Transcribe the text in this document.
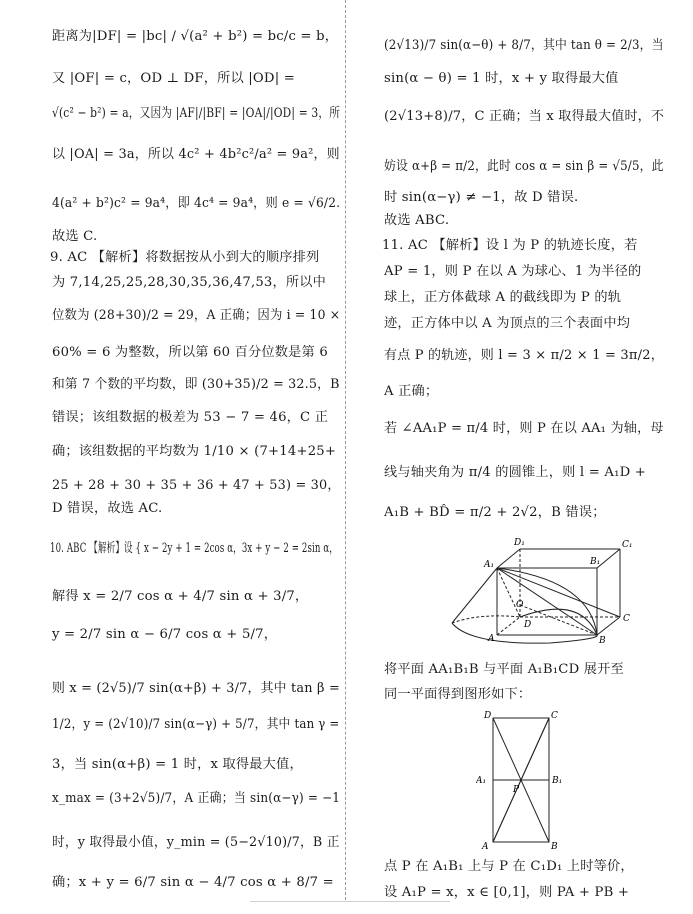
距离为|DF| = |bc| / √(a² + b²) = bc/c = b，
又 |OF| = c，OD ⊥ DF，所以 |OD| =
√(c² − b²) = a，又因为 |AF|/|BF| = |OA|/|OD| = 3，所
以 |OA| = 3a，所以 4c² + 4b²c²/a² = 9a²，则
4(a² + b²)c² = 9a⁴，即 4c⁴ = 9a⁴，则 e = √6/2.
故选 C.
9. AC 【解析】将数据按从小到大的顺序排列
为 7,14,25,25,28,30,35,36,47,53，所以中
位数为 (28+30)/2 = 29，A 正确；因为 i = 10 ×
60% = 6 为整数，所以第 60 百分位数是第 6
和第 7 个数的平均数，即 (30+35)/2 = 32.5，B
错误；该组数据的极差为 53 − 7 = 46，C 正
确；该组数据的平均数为 1/10 × (7+14+25+
25 + 28 + 30 + 35 + 36 + 47 + 53) = 30，
D 错误，故选 AC.
10. ABC 【解析】设 { x − 2y + 1 = 2cos α，3x + y − 2 = 2sin α，
解得 x = 2/7 cos α + 4/7 sin α + 3/7，
y = 2/7 sin α − 6/7 cos α + 5/7，
则 x = (2√5)/7 sin(α+β) + 3/7，其中 tan β =
1/2，y = (2√10)/7 sin(α−γ) + 5/7，其中 tan γ =
3，当 sin(α+β) = 1 时，x 取得最大值，
x_max = (3+2√5)/7，A 正确；当 sin(α−γ) = −1
时，y 取得最小值，y_min = (5−2√10)/7，B 正
确；x + y = 6/7 sin α − 4/7 cos α + 8/7 =
D₁	C₁
A₁	B₁
O
D
C
A	B
D	C
A₁	B₁
P
A	B
(2√13)/7 sin(α−θ) + 8/7，其中 tan θ = 2/3，当
sin(α − θ) = 1 时，x + y 取得最大值
(2√13+8)/7，C 正确；当 x 取得最大值时，不
妨设 α+β = π/2，此时 cos α = sin β = √5/5，此
时 sin(α−γ) ≠ −1，故 D 错误.
故选 ABC.
11. AC 【解析】设 l 为 P 的轨迹长度，若
AP = 1，则 P 在以 A 为球心、1 为半径的
球上，正方体截球 A 的截线即为 P 的轨
迹，正方体中以 A 为顶点的三个表面中均
有点 P 的轨迹，则 l = 3 × π/2 × 1 = 3π/2，
A 正确；
若 ∠AA₁P = π/4 时，则 P 在以 AA₁ 为轴，母
线与轴夹角为 π/4 的圆锥上，则 l = A₁D +
A₁B + BD̂ = π/2 + 2√2，B 错误；
将平面 AA₁B₁B 与平面 A₁B₁CD 展开至
同一平面得到图形如下：
点 P 在 A₁B₁ 上与 P 在 C₁D₁ 上时等价，
设 A₁P = x，x ∈ [0,1]，则 PA + PB +
